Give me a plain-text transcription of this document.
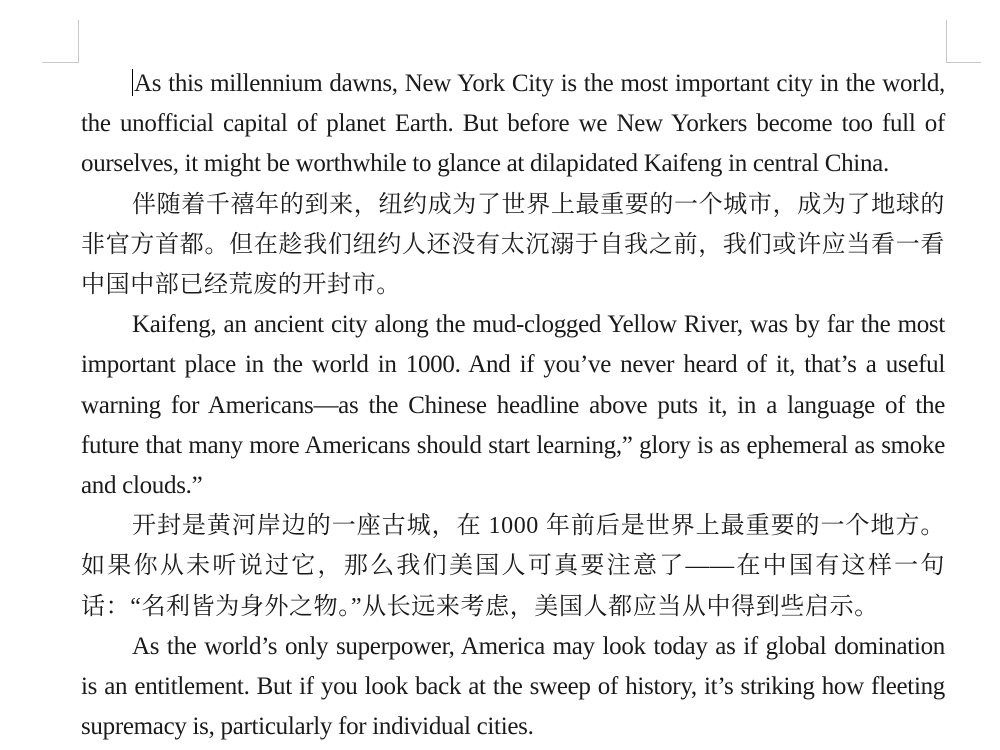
As this millennium dawns, New York City is the most important city in the world, the unofficial capital of planet Earth. But before we New Yorkers become too full of ourselves, it might be worthwhile to glance at dilapidated Kaifeng in central China.

伴随着千禧年的到来，纽约成为了世界上最重要的一个城市，成为了地球的非官方首都。但在趁我们纽约人还没有太沉溺于自我之前，我们或许应当看一看中国中部已经荒废的开封市。

Kaifeng, an ancient city along the mud-clogged Yellow River, was by far the most important place in the world in 1000. And if you’ve never heard of it, that’s a useful warning for Americans—as the Chinese headline above puts it, in a language of the future that many more Americans should start learning,” glory is as ephemeral as smoke and clouds.”

开封是黄河岸边的一座古城，在 1000 年前后是世界上最重要的一个地方。如果你从未听说过它，那么我们美国人可真要注意了——在中国有这样一句话：“名利皆为身外之物。”从长远来考虑，美国人都应当从中得到些启示。

As the world’s only superpower, America may look today as if global domination is an entitlement. But if you look back at the sweep of history, it’s striking how fleeting supremacy is, particularly for individual cities.
